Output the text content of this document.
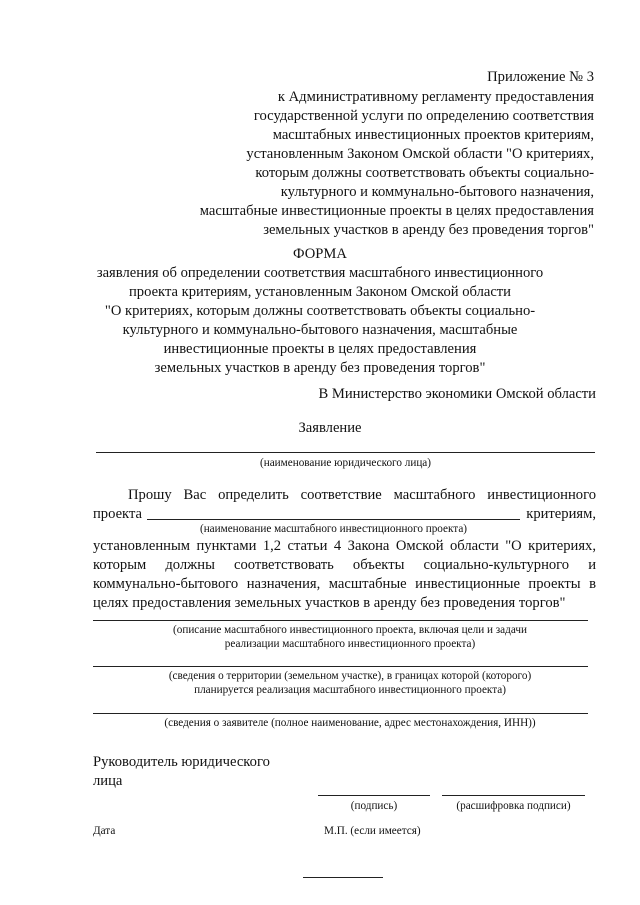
Приложение № 3
к Административному регламенту предоставления
государственной услуги по определению соответствия
масштабных инвестиционных проектов критериям,
установленным Законом Омской области "О критериях,
которым должны соответствовать объекты социально-
культурного и коммунально-бытового назначения,
масштабные инвестиционные проекты в целях предоставления
земельных участков в аренду без проведения торгов"
ФОРМА
заявления об определении соответствия масштабного инвестиционного
проекта критериям, установленным Законом Омской области
"О критериях, которым должны соответствовать объекты социально-
культурного и коммунально-бытового назначения, масштабные
инвестиционные проекты в целях предоставления
земельных участков в аренду без проведения торгов"
В Министерство экономики Омской области
Заявление
(наименование юридического лица)
Прошу Вас определить соответствие масштабного инвестиционного
проекта	критериям,
(наименование масштабного инвестиционного проекта)
установленным пунктами 1,2 статьи 4 Закона Омской области "О критериях,
которым должны соответствовать объекты социально-культурного и
коммунально-бытового назначения, масштабные инвестиционные проекты в
целях предоставления земельных участков в аренду без проведения торгов"
(описание масштабного инвестиционного проекта, включая цели и задачи
реализации масштабного инвестиционного проекта)
(сведения о территории (земельном участке), в границах которой (которого)
планируется реализация масштабного инвестиционного проекта)
(сведения о заявителе (полное наименование, адрес местонахождения, ИНН))
Руководитель юридического
лица
(подпись)	(расшифровка подписи)
Дата	М.П. (если имеется)
